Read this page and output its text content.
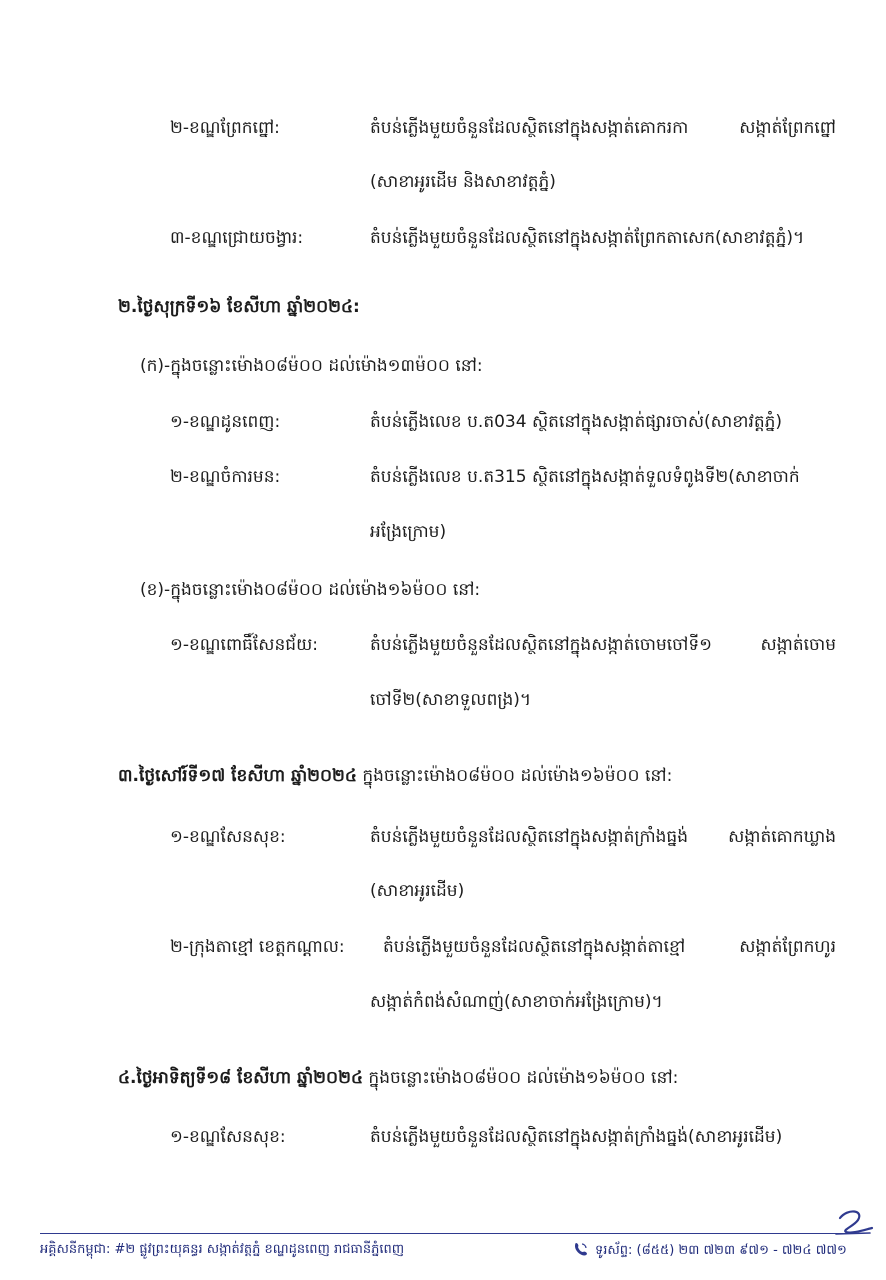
២-ខណ្ឌព្រែកព្នៅ:	តំបន់ភ្លើងមួយចំនួនដែលស្ថិតនៅក្នុងសង្កាត់គោករកា	សង្កាត់ព្រែកព្នៅ
(សាខាអូរដើម និងសាខាវត្តភ្នំ)
៣-ខណ្ឌជ្រោយចង្វារ:	តំបន់ភ្លើងមួយចំនួនដែលស្ថិតនៅក្នុងសង្កាត់ព្រែកតាសេក(សាខាវត្តភ្នំ)។
២.ថ្ងៃសុក្រទី១៦ ខែសីហា ឆ្នាំ២០២៤:
(ក)-ក្នុងចន្លោះម៉ោង០៨ម៉០០ ដល់ម៉ោង១៣ម៉០០ នៅ:
១-ខណ្ឌដូនពេញ:	តំបន់ភ្លើងលេខ ប.ត034 ស្ថិតនៅក្នុងសង្កាត់ផ្សារចាស់(សាខាវត្តភ្នំ)
២-ខណ្ឌចំការមន:	តំបន់ភ្លើងលេខ ប.ត315 ស្ថិតនៅក្នុងសង្កាត់ទួលទំពូងទី២(សាខាចាក់
អង្រែក្រោម)
(ខ)-ក្នុងចន្លោះម៉ោង០៨ម៉០០ ដល់ម៉ោង១៦ម៉០០ នៅ:
១-ខណ្ឌពោធិ៍សែនជ័យ:	តំបន់ភ្លើងមួយចំនួនដែលស្ថិតនៅក្នុងសង្កាត់ចោមចៅទី១	សង្កាត់ចោម
ចៅទី២(សាខាទួលពង្រ)។
៣.ថ្ងៃសៅរ៍ទី១៧ ខែសីហា ឆ្នាំ២០២៤ ក្នុងចន្លោះម៉ោង០៨ម៉០០ ដល់ម៉ោង១៦ម៉០០ នៅ:
១-ខណ្ឌសែនសុខ:	តំបន់ភ្លើងមួយចំនួនដែលស្ថិតនៅក្នុងសង្កាត់ក្រាំងធ្នង់ សង្កាត់គោកឃ្លាង
(សាខាអូរដើម)
២-ក្រុងតាខ្មៅ ខេត្តកណ្ដាល: តំបន់ភ្លើងមួយចំនួនដែលស្ថិតនៅក្នុងសង្កាត់តាខ្មៅ	សង្កាត់ព្រែកហូរ
សង្កាត់កំពង់សំណាញ់(សាខាចាក់អង្រែក្រោម)។
៤.ថ្ងៃអាទិត្យទី១៨ ខែសីហា ឆ្នាំ២០២៤ ក្នុងចន្លោះម៉ោង០៨ម៉០០ ដល់ម៉ោង១៦ម៉០០ នៅ:
១-ខណ្ឌសែនសុខ:	តំបន់ភ្លើងមួយចំនួនដែលស្ថិតនៅក្នុងសង្កាត់ក្រាំងធ្នង់(សាខាអូរដើម)
អគ្គិសនីកម្ពុជា: #២ ផ្លូវព្រះយុគន្ធរ សង្កាត់វត្តភ្នំ ខណ្ឌដូនពេញ រាជធានីភ្នំពេញ	ទូរស័ព្ទ: (៨៥៥) ២៣ ៧២៣ ៩៧១ - ៧២៤ ៧៧១
